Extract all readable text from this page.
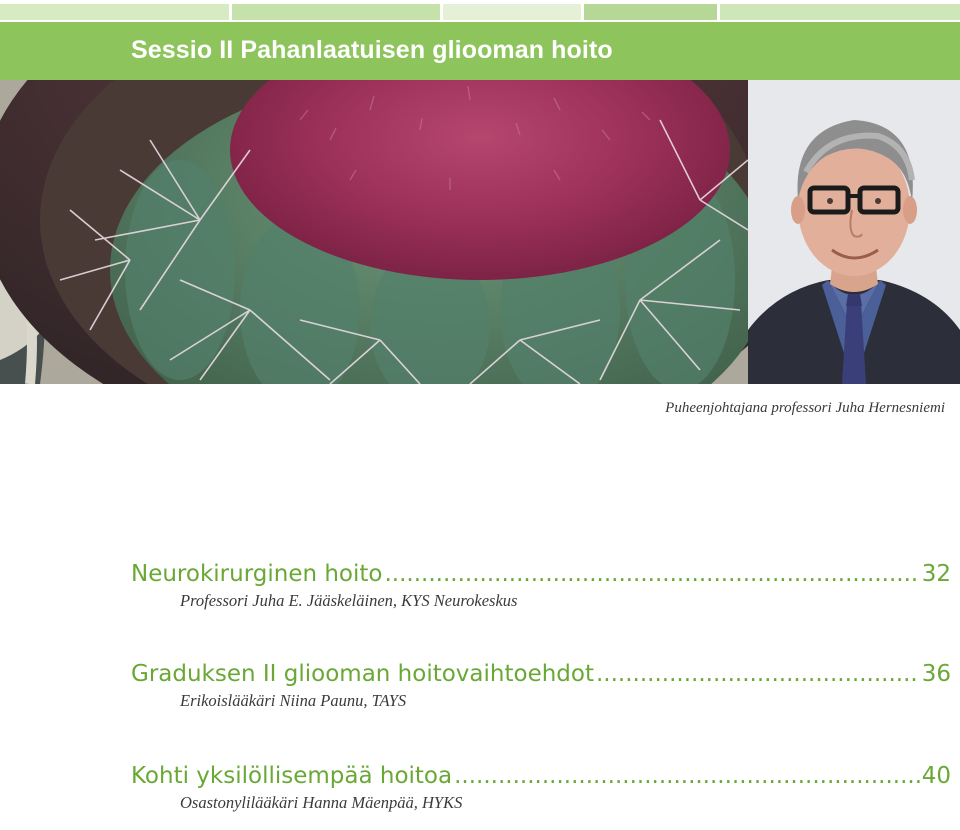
Sessio II Pahanlaatuisen gliooman hoito
Puheenjohtajana professori Juha Hernesniemi
Neurokirurginen hoito .....	32
Professori Juha E. Jääskeläinen, KYS Neurokeskus
Graduksen II gliooman hoitovaihtoehdot .....	36
Erikoislääkäri Niina Paunu, TAYS
Kohti yksilöllisempää hoitoa .....	40
Osastonylilääkäri Hanna Mäenpää, HYKS
